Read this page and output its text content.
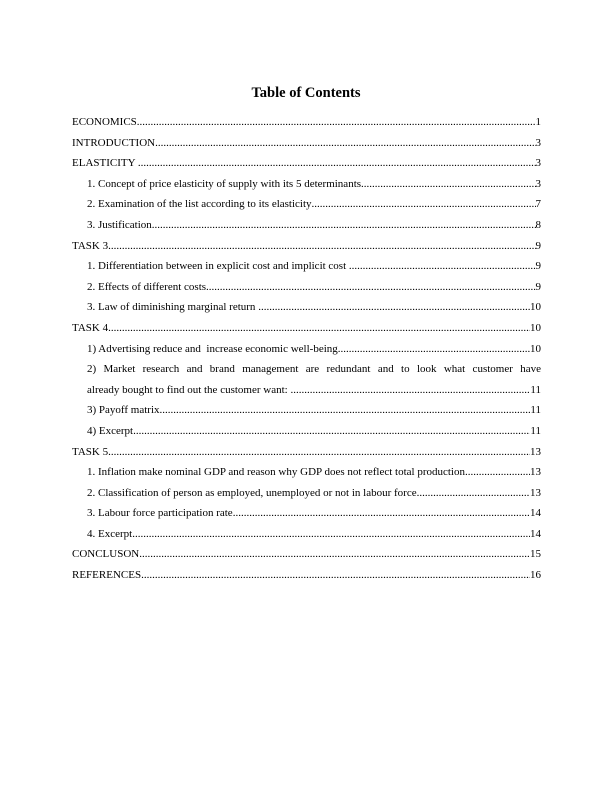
Table of Contents
ECONOMICS .....	1
INTRODUCTION .....	3
ELASTICITY .....	3
1. Concept of price elasticity of supply with its 5 determinants .....	3
2. Examination of the list according to its elasticity .....	7
3. Justification .....	8
TASK 3 .....	9
1. Differentiation between in explicit cost and implicit cost .....	9
2. Effects of different costs .....	9
3. Law of diminishing marginal return .....	10
TASK 4 .....	10
1) Advertising reduce and  increase economic well-being .....	10
2) Market research and brand management are redundant and to look what customer have
already bought to find out the customer want: .....	11
3) Payoff matrix .....	11
4) Excerpt .....	11
TASK 5 .....	13
1. Inflation make nominal GDP and reason why GDP does not reflect total production .....	13
2. Classification of person as employed, unemployed or not in labour force .....	13
3. Labour force participation rate .....	14
4. Excerpt .....	14
CONCLUSON .....	15
REFERENCES .....	16
